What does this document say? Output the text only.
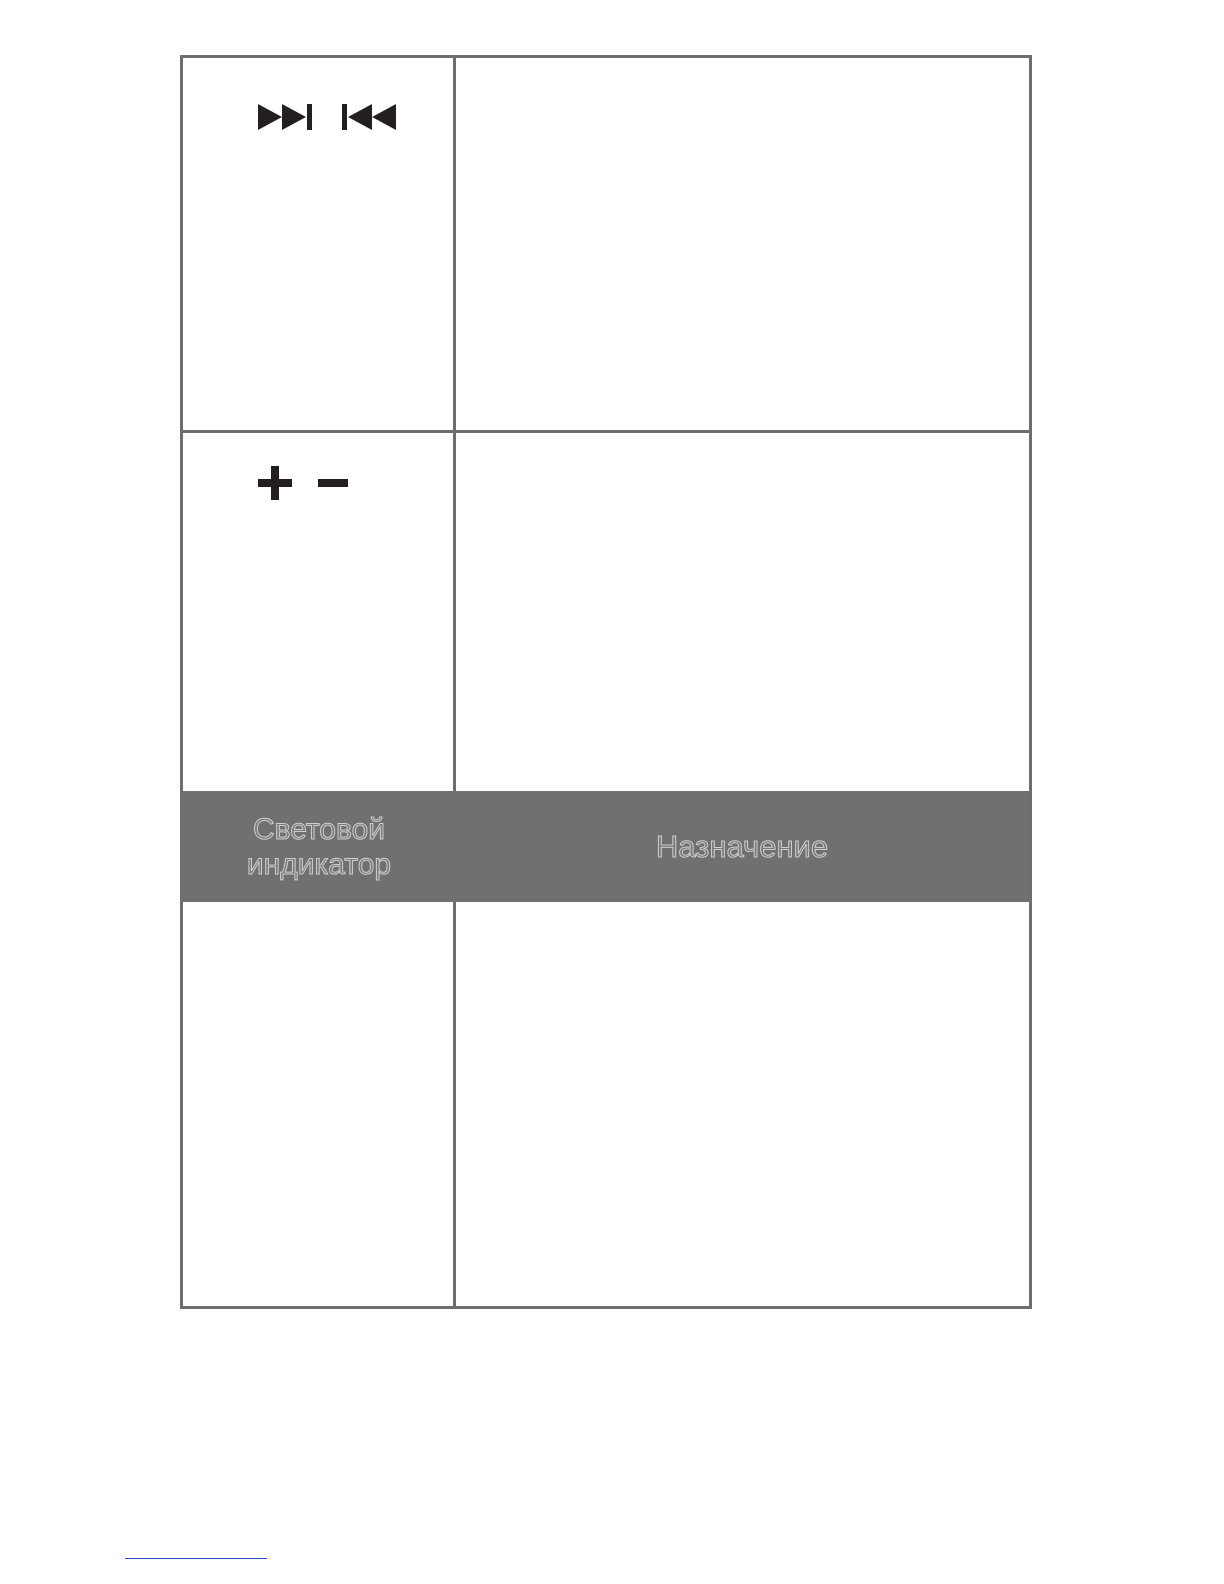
Световой индикатор	Назначение
